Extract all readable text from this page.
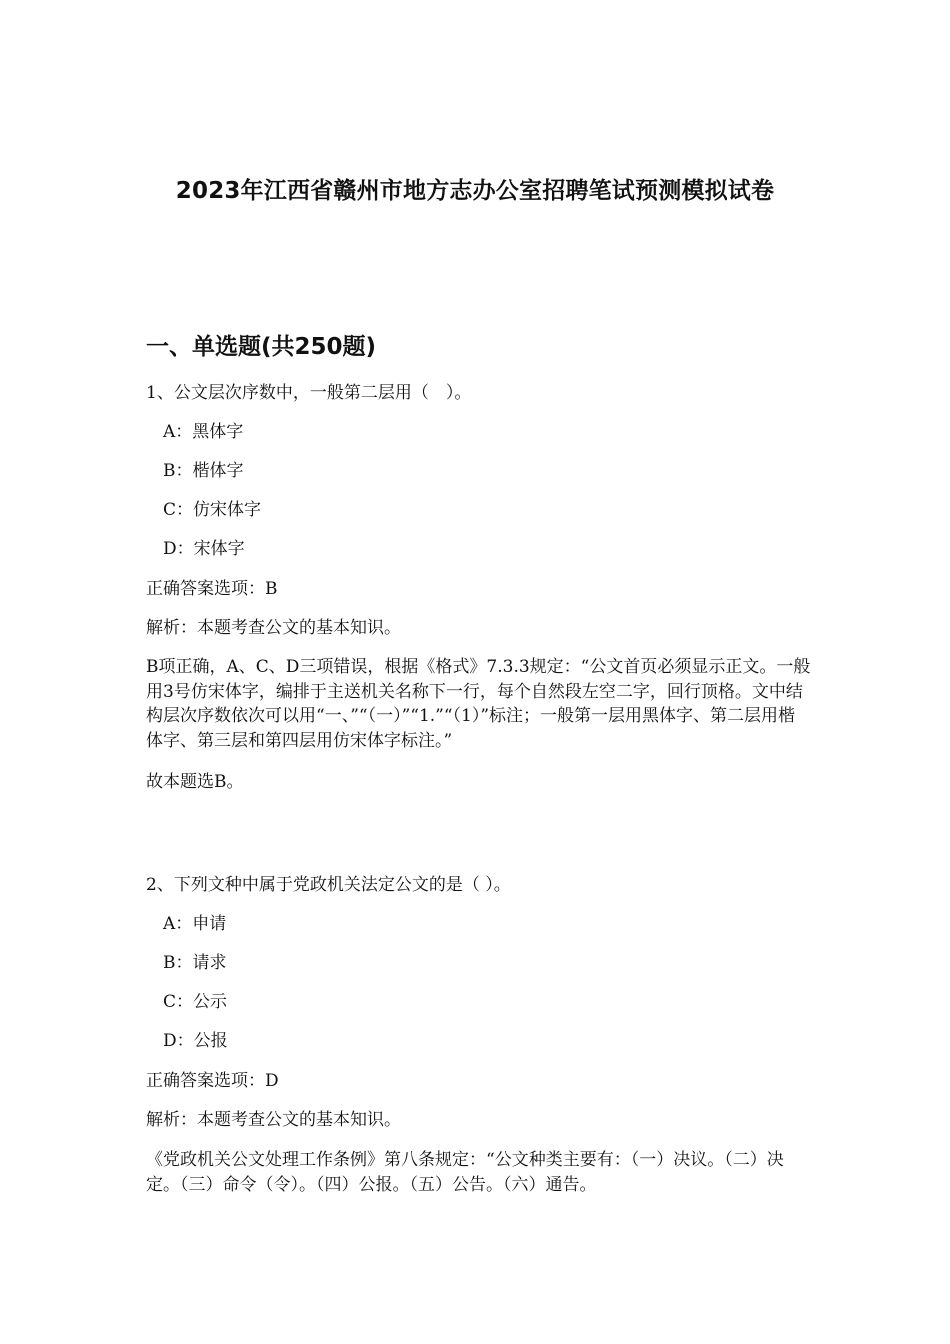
2023年江西省赣州市地方志办公室招聘笔试预测模拟试卷
一、单选题(共250题)
1、公文层次序数中，一般第二层用（　）。
A：黑体字
B：楷体字
C：仿宋体字
D：宋体字
正确答案选项：B
解析：本题考查公文的基本知识。
B项正确，A、C、D三项错误，根据《格式》7.3.3规定：“公文首页必须显示正文。一般用3号仿宋体字，编排于主送机关名称下一行，每个自然段左空二字，回行顶格。文中结构层次序数依次可以用“一、”“（一）”“1.”“（1）”标注；一般第一层用黑体字、第二层用楷体字、第三层和第四层用仿宋体字标注。”
故本题选B。
2、下列文种中属于党政机关法定公文的是（ ）。
A：申请
B：请求
C：公示
D：公报
正确答案选项：D
解析：本题考查公文的基本知识。
《党政机关公文处理工作条例》第八条规定：“公文种类主要有：（一）决议。（二）决定。（三）命令（令）。（四）公报。（五）公告。（六）通告。
